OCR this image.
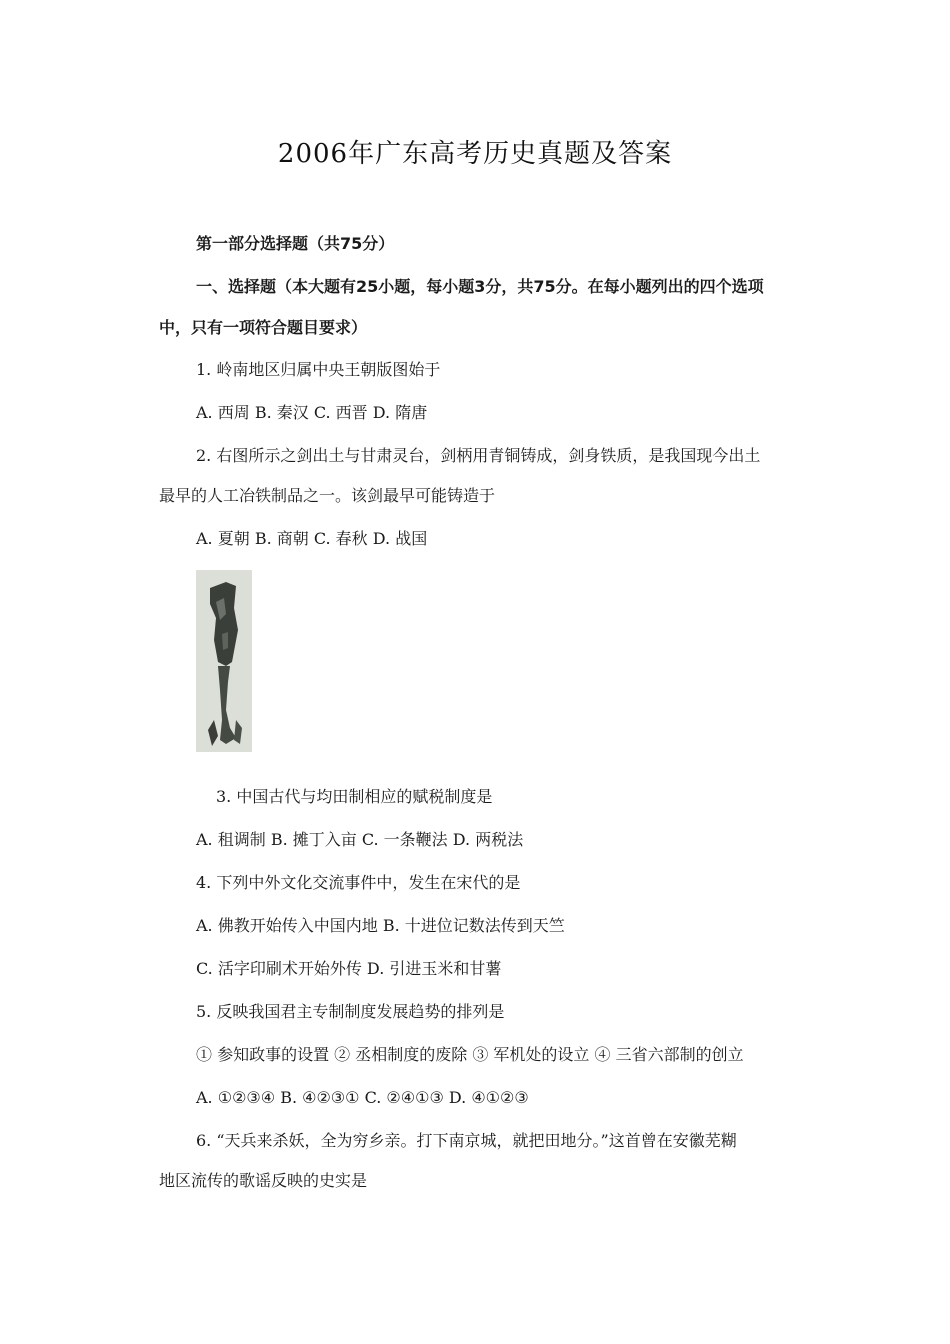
2006年广东高考历史真题及答案
第一部分选择题（共75分）
一、选择题（本大题有25小题，每小题3分，共75分。在每小题列出的四个选项
中，只有一项符合题目要求）
1. 岭南地区归属中央王朝版图始于
A. 西周 B. 秦汉 C. 西晋 D. 隋唐
2. 右图所示之剑出土与甘肃灵台，剑柄用青铜铸成，剑身铁质，是我国现今出土
最早的人工冶铁制品之一。该剑最早可能铸造于
A. 夏朝 B. 商朝 C. 春秋 D. 战国
3. 中国古代与均田制相应的赋税制度是
A. 租调制 B. 摊丁入亩 C. 一条鞭法 D. 两税法
4. 下列中外文化交流事件中，发生在宋代的是
A. 佛教开始传入中国内地 B. 十进位记数法传到天竺
C. 活字印刷术开始外传 D. 引进玉米和甘薯
5. 反映我国君主专制制度发展趋势的排列是
① 参知政事的设置 ② 丞相制度的废除 ③ 军机处的设立 ④ 三省六部制的创立
A. ①②③④ B. ④②③① C. ②④①③ D. ④①②③
6. “天兵来杀妖，全为穷乡亲。打下南京城，就把田地分。”这首曾在安徽芜糊
地区流传的歌谣反映的史实是
